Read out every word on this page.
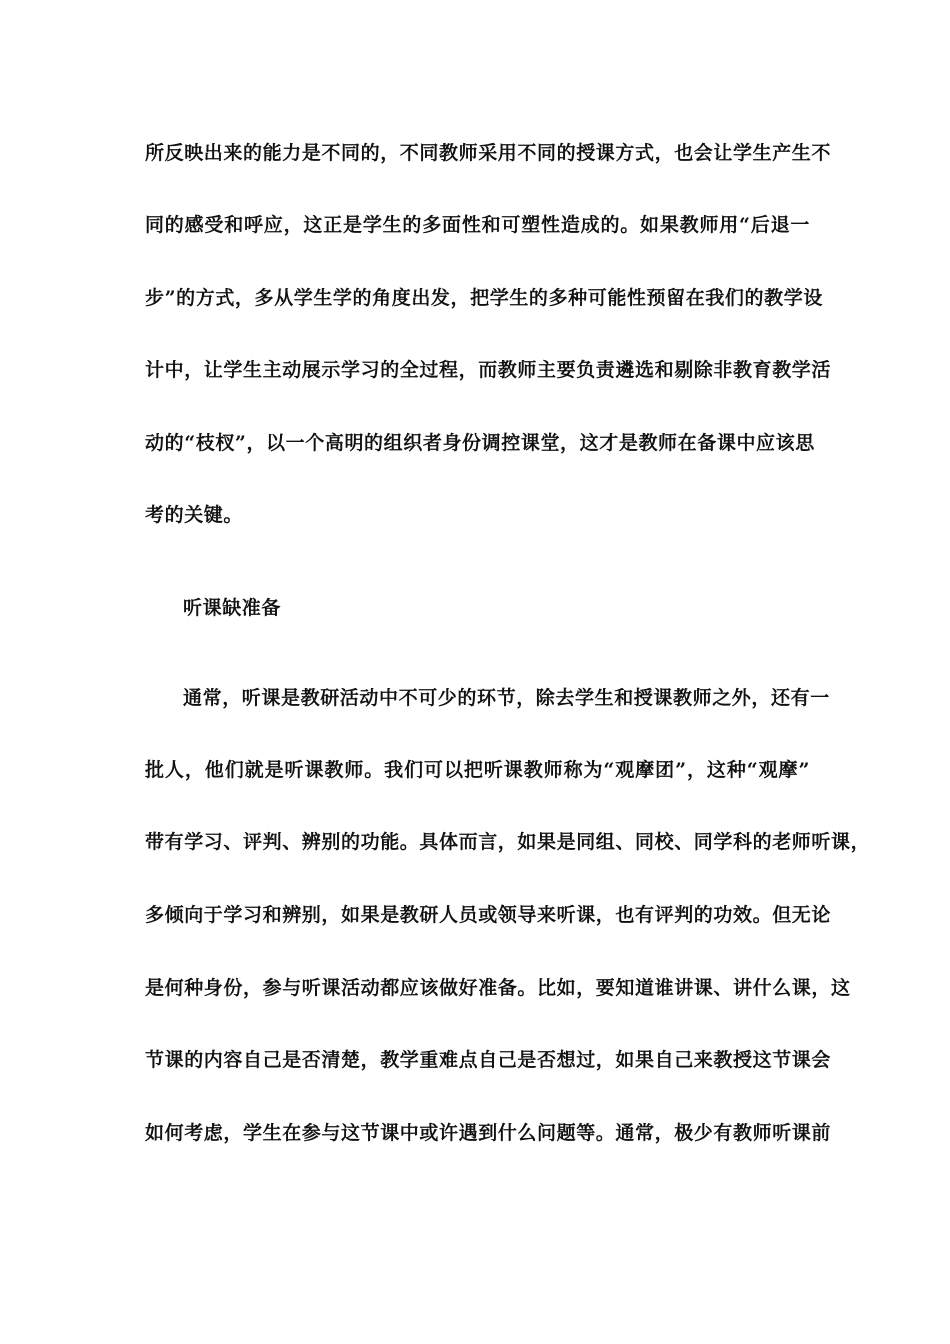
所反映出来的能力是不同的，不同教师采用不同的授课方式，也会让学生产生不
同的感受和呼应，这正是学生的多面性和可塑性造成的。如果教师用“后退一
步”的方式，多从学生学的角度出发，把学生的多种可能性预留在我们的教学设
计中，让学生主动展示学习的全过程，而教师主要负责遴选和剔除非教育教学活
动的“枝杈”，以一个高明的组织者身份调控课堂，这才是教师在备课中应该思
考的关键。
听课缺准备
通常，听课是教研活动中不可少的环节，除去学生和授课教师之外，还有一
批人，他们就是听课教师。我们可以把听课教师称为“观摩团”，这种“观摩”
带有学习、评判、辨别的功能。具体而言，如果是同组、同校、同学科的老师听课，
多倾向于学习和辨别，如果是教研人员或领导来听课，也有评判的功效。但无论
是何种身份，参与听课活动都应该做好准备。比如，要知道谁讲课、讲什么课，这
节课的内容自己是否清楚，教学重难点自己是否想过，如果自己来教授这节课会
如何考虑，学生在参与这节课中或许遇到什么问题等。通常，极少有教师听课前
